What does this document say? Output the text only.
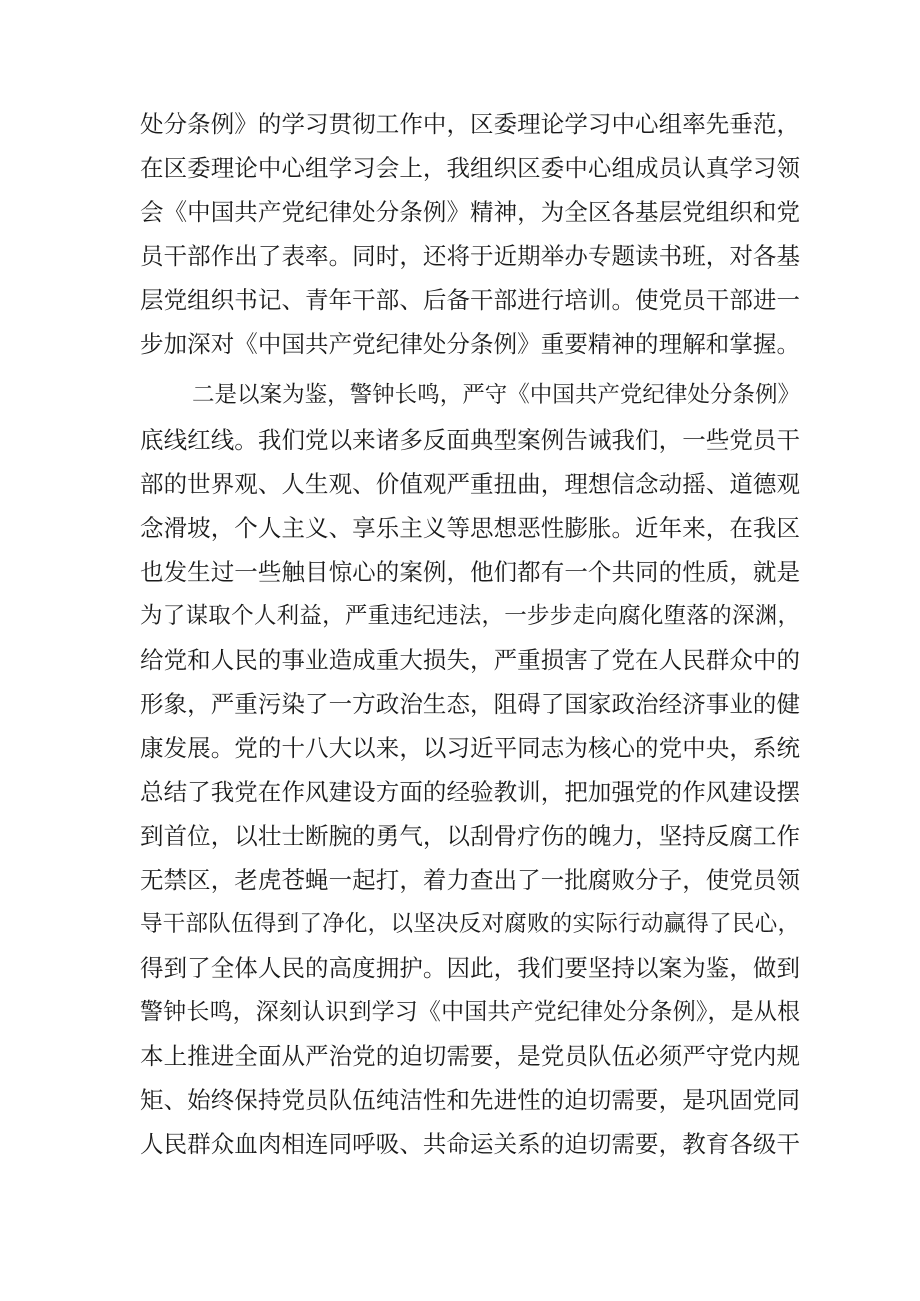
处分条例》的学习贯彻工作中，区委理论学习中心组率先垂范，
在区委理论中心组学习会上，我组织区委中心组成员认真学习领
会《中国共产党纪律处分条例》精神，为全区各基层党组织和党
员干部作出了表率。同时，还将于近期举办专题读书班，对各基
层党组织书记、青年干部、后备干部进行培训。使党员干部进一
步加深对《中国共产党纪律处分条例》重要精神的理解和掌握。
二是以案为鉴，警钟长鸣，严守《中国共产党纪律处分条例》
底线红线。我们党以来诸多反面典型案例告诫我们，一些党员干
部的世界观、人生观、价值观严重扭曲，理想信念动摇、道德观
念滑坡，个人主义、享乐主义等思想恶性膨胀。近年来，在我区
也发生过一些触目惊心的案例，他们都有一个共同的性质，就是
为了谋取个人利益，严重违纪违法，一步步走向腐化堕落的深渊，
给党和人民的事业造成重大损失，严重损害了党在人民群众中的
形象，严重污染了一方政治生态，阻碍了国家政治经济事业的健
康发展。党的十八大以来，以习近平同志为核心的党中央，系统
总结了我党在作风建设方面的经验教训，把加强党的作风建设摆
到首位，以壮士断腕的勇气，以刮骨疗伤的魄力，坚持反腐工作
无禁区，老虎苍蝇一起打，着力查出了一批腐败分子，使党员领
导干部队伍得到了净化，以坚决反对腐败的实际行动赢得了民心，
得到了全体人民的高度拥护。因此，我们要坚持以案为鉴，做到
警钟长鸣，深刻认识到学习《中国共产党纪律处分条例》，是从根
本上推进全面从严治党的迫切需要，是党员队伍必须严守党内规
矩、始终保持党员队伍纯洁性和先进性的迫切需要，是巩固党同
人民群众血肉相连同呼吸、共命运关系的迫切需要，教育各级干
